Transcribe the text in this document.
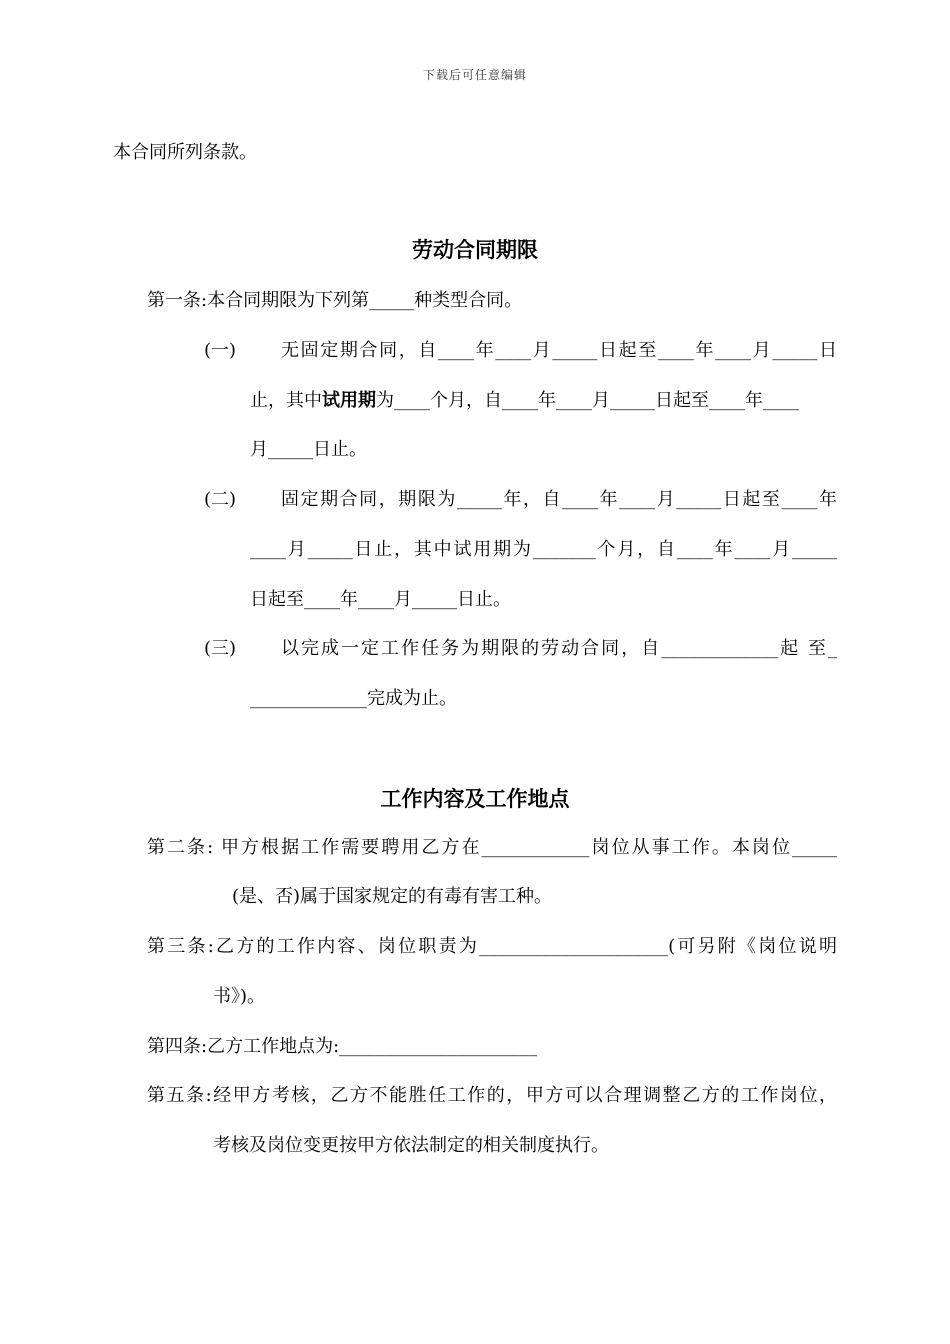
下载后可任意编辑
本合同所列条款。
劳动合同期限
第一条:本合同期限为下列第_____种类型合同。
(一) 无固定期合同，自____年____月_____日起至____年____月_____日
止，其中试用期为____个月，自____年____月_____日起至____年____
月_____日止。
(二) 固定期合同，期限为_____年，自____年____月_____日起至____年
____月_____日止，其中试用期为_______个月，自____年____月_____
日起至____年____月_____日止。
(三) 以完成一定工作任务为期限的劳动合同，自_____________起 至_
_____________完成为止。
工作内容及工作地点
第二条: 甲方根据工作需要聘用乙方在____________岗位从事工作。本岗位_____
(是、否)属于国家规定的有毒有害工种。
第三条:乙方的工作内容、岗位职责为_____________________(可另附《岗位说明
书》)。
第四条:乙方工作地点为:______________________
第五条:经甲方考核，乙方不能胜任工作的，甲方可以合理调整乙方的工作岗位，
考核及岗位变更按甲方依法制定的相关制度执行。
